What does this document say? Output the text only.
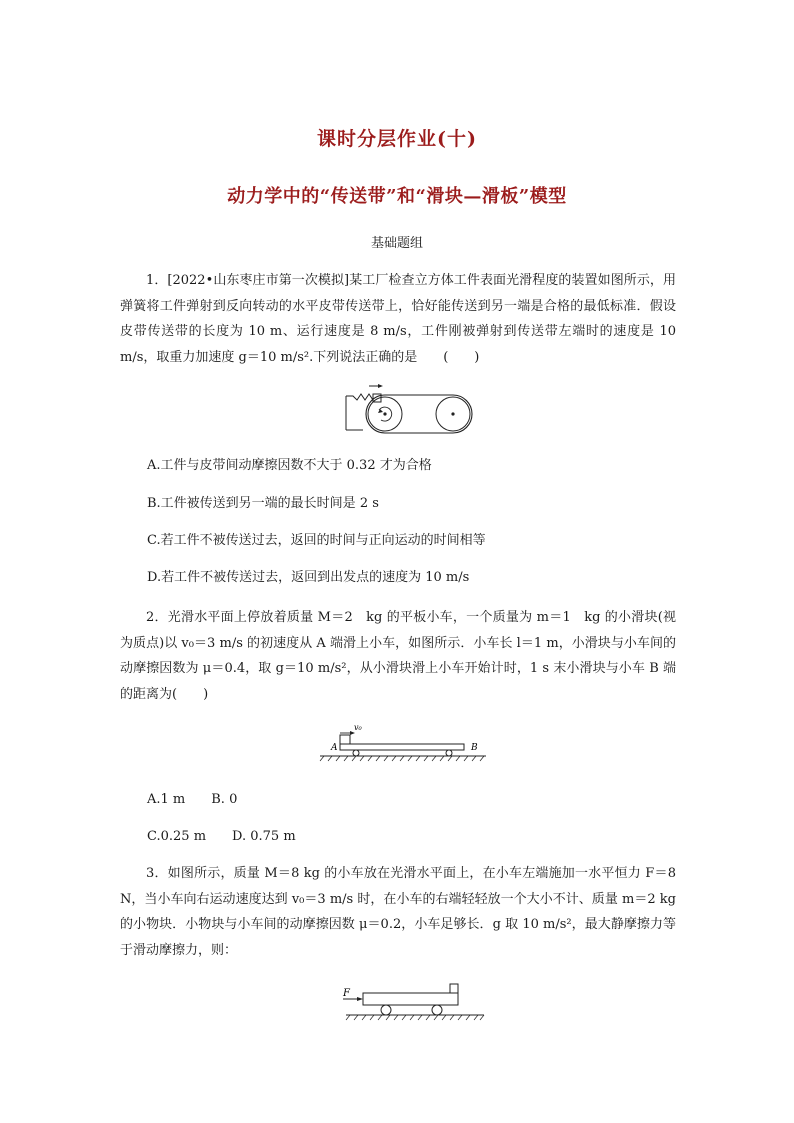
课时分层作业(十)
动力学中的“传送带”和“滑块—滑板”模型
基础题组

1．[2022•山东枣庄市第一次模拟]某工厂检查立方体工件表面光滑程度的装置如图所示，用弹簧将工件弹射到反向转动的水平皮带传送带上，恰好能传送到另一端是合格的最低标准．假设皮带传送带的长度为 10 m、运行速度是 8 m/s，工件刚被弹射到传送带左端时的速度是 10 m/s，取重力加速度 g＝10 m/s².下列说法正确的是　　(　　)

A.工件与皮带间动摩擦因数不大于 0.32 才为合格
B.工件被传送到另一端的最长时间是 2 s
C.若工件不被传送过去，返回的时间与正向运动的时间相等
D.若工件不被传送过去，返回到出发点的速度为 10 m/s

2．光滑水平面上停放着质量 M＝2　kg 的平板小车，一个质量为 m＝1　kg 的小滑块(视为质点)以 v₀＝3 m/s 的初速度从 A 端滑上小车，如图所示．小车长 l＝1 m，小滑块与小车间的动摩擦因数为 μ＝0.4，取 g＝10 m/s²，从小滑块滑上小车开始计时，1 s 末小滑块与小车 B 端的距离为(　　)

v₀
A	B
A.1 m　　B. 0
C.0.25 m　　D. 0.75 m

3．如图所示，质量 M＝8 kg 的小车放在光滑水平面上，在小车左端施加一水平恒力 F＝8 N，当小车向右运动速度达到 v₀＝3 m/s 时，在小车的右端轻轻放一个大小不计、质量 m＝2 kg 的小物块．小物块与小车间的动摩擦因数 μ＝0.2，小车足够长．g 取 10 m/s²，最大静摩擦力等于滑动摩擦力，则：

F
